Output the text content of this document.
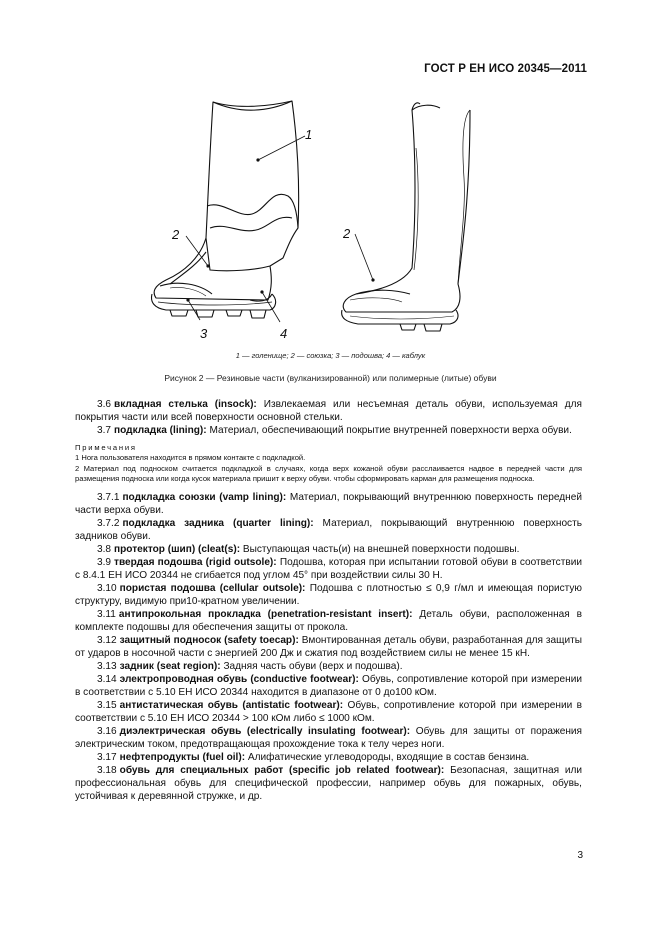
ГОСТ Р ЕН ИСО 20345—2011
1
2
3	4
2
1 — голенище; 2 — союзка; 3 — подошва; 4 — каблук
Рисунок 2 — Резиновые части (вулканизированной) или полимерные (литые) обуви

3.6 вкладная стелька (insock): Извлекаемая или несъемная деталь обуви, используемая для покрытия части или всей поверхности основной стельки.

3.7 подкладка (lining): Материал, обеспечивающий покрытие внутренней поверхности верха обуви.

Примечания

1 Нога пользователя находится в прямом контакте с подкладкой.

2 Материал под подноском считается подкладкой в случаях, когда верх кожаной обуви расслаивается надвое в передней части для размещения подноска или когда кусок материала пришит к верху обуви. чтобы сформировать карман для размещения подноска.

3.7.1 подкладка союзки (vamp lining): Материал, покрывающий внутреннюю поверхность передней части верха обуви.

3.7.2 подкладка задника (quarter lining): Материал, покрывающий внутреннюю поверхность задников обуви.

3.8 протектор (шип) (cleat(s): Выступающая часть(и) на внешней поверхности подошвы.

3.9 твердая подошва (rigid outsole): Подошва, которая при испытании готовой обуви в соответствии с 8.4.1 ЕН ИСО 20344 не сгибается под углом 45° при воздействии силы 30 Н.

3.10 пористая подошва (cellular outsole): Подошва с плотностью ≤ 0,9 г/мл и имеющая пористую структуру, видимую при10-кратном увеличении.

3.11 антипрокольная прокладка (penetration-resistant insert): Деталь обуви, расположенная в комплекте подошвы для обеспечения защиты от прокола.

3.12 защитный подносок (safety toecap): Вмонтированная деталь обуви, разработанная для защиты от ударов в носочной части с энергией 200 Дж и сжатия под воздействием силы не менее 15 кН.

3.13 задник (seat region): Задняя часть обуви (верх и подошва).

3.14 электропроводная обувь (conductive footwear): Обувь, сопротивление которой при измерении в соответствии с 5.10 ЕН ИСО 20344 находится в диапазоне от 0 до100 кОм.

3.15 антистатическая обувь (antistatic footwear): Обувь, сопротивление которой при измерении в соответствии с 5.10 ЕН ИСО 20344 > 100 кОм либо ≤ 1000 кОм.

3.16 диэлектрическая обувь (electrically insulating footwear): Обувь для защиты от поражения электрическим током, предотвращающая прохождение тока к телу через ноги.

3.17 нефтепродукты (fuel oil): Алифатические углеводороды, входящие в состав бензина.

3.18 обувь для специальных работ (specific job related footwear): Безопасная, защитная или профессиональная обувь для специфической профессии, например обувь для пожарных, обувь, устойчивая к деревянной стружке, и др.

3
